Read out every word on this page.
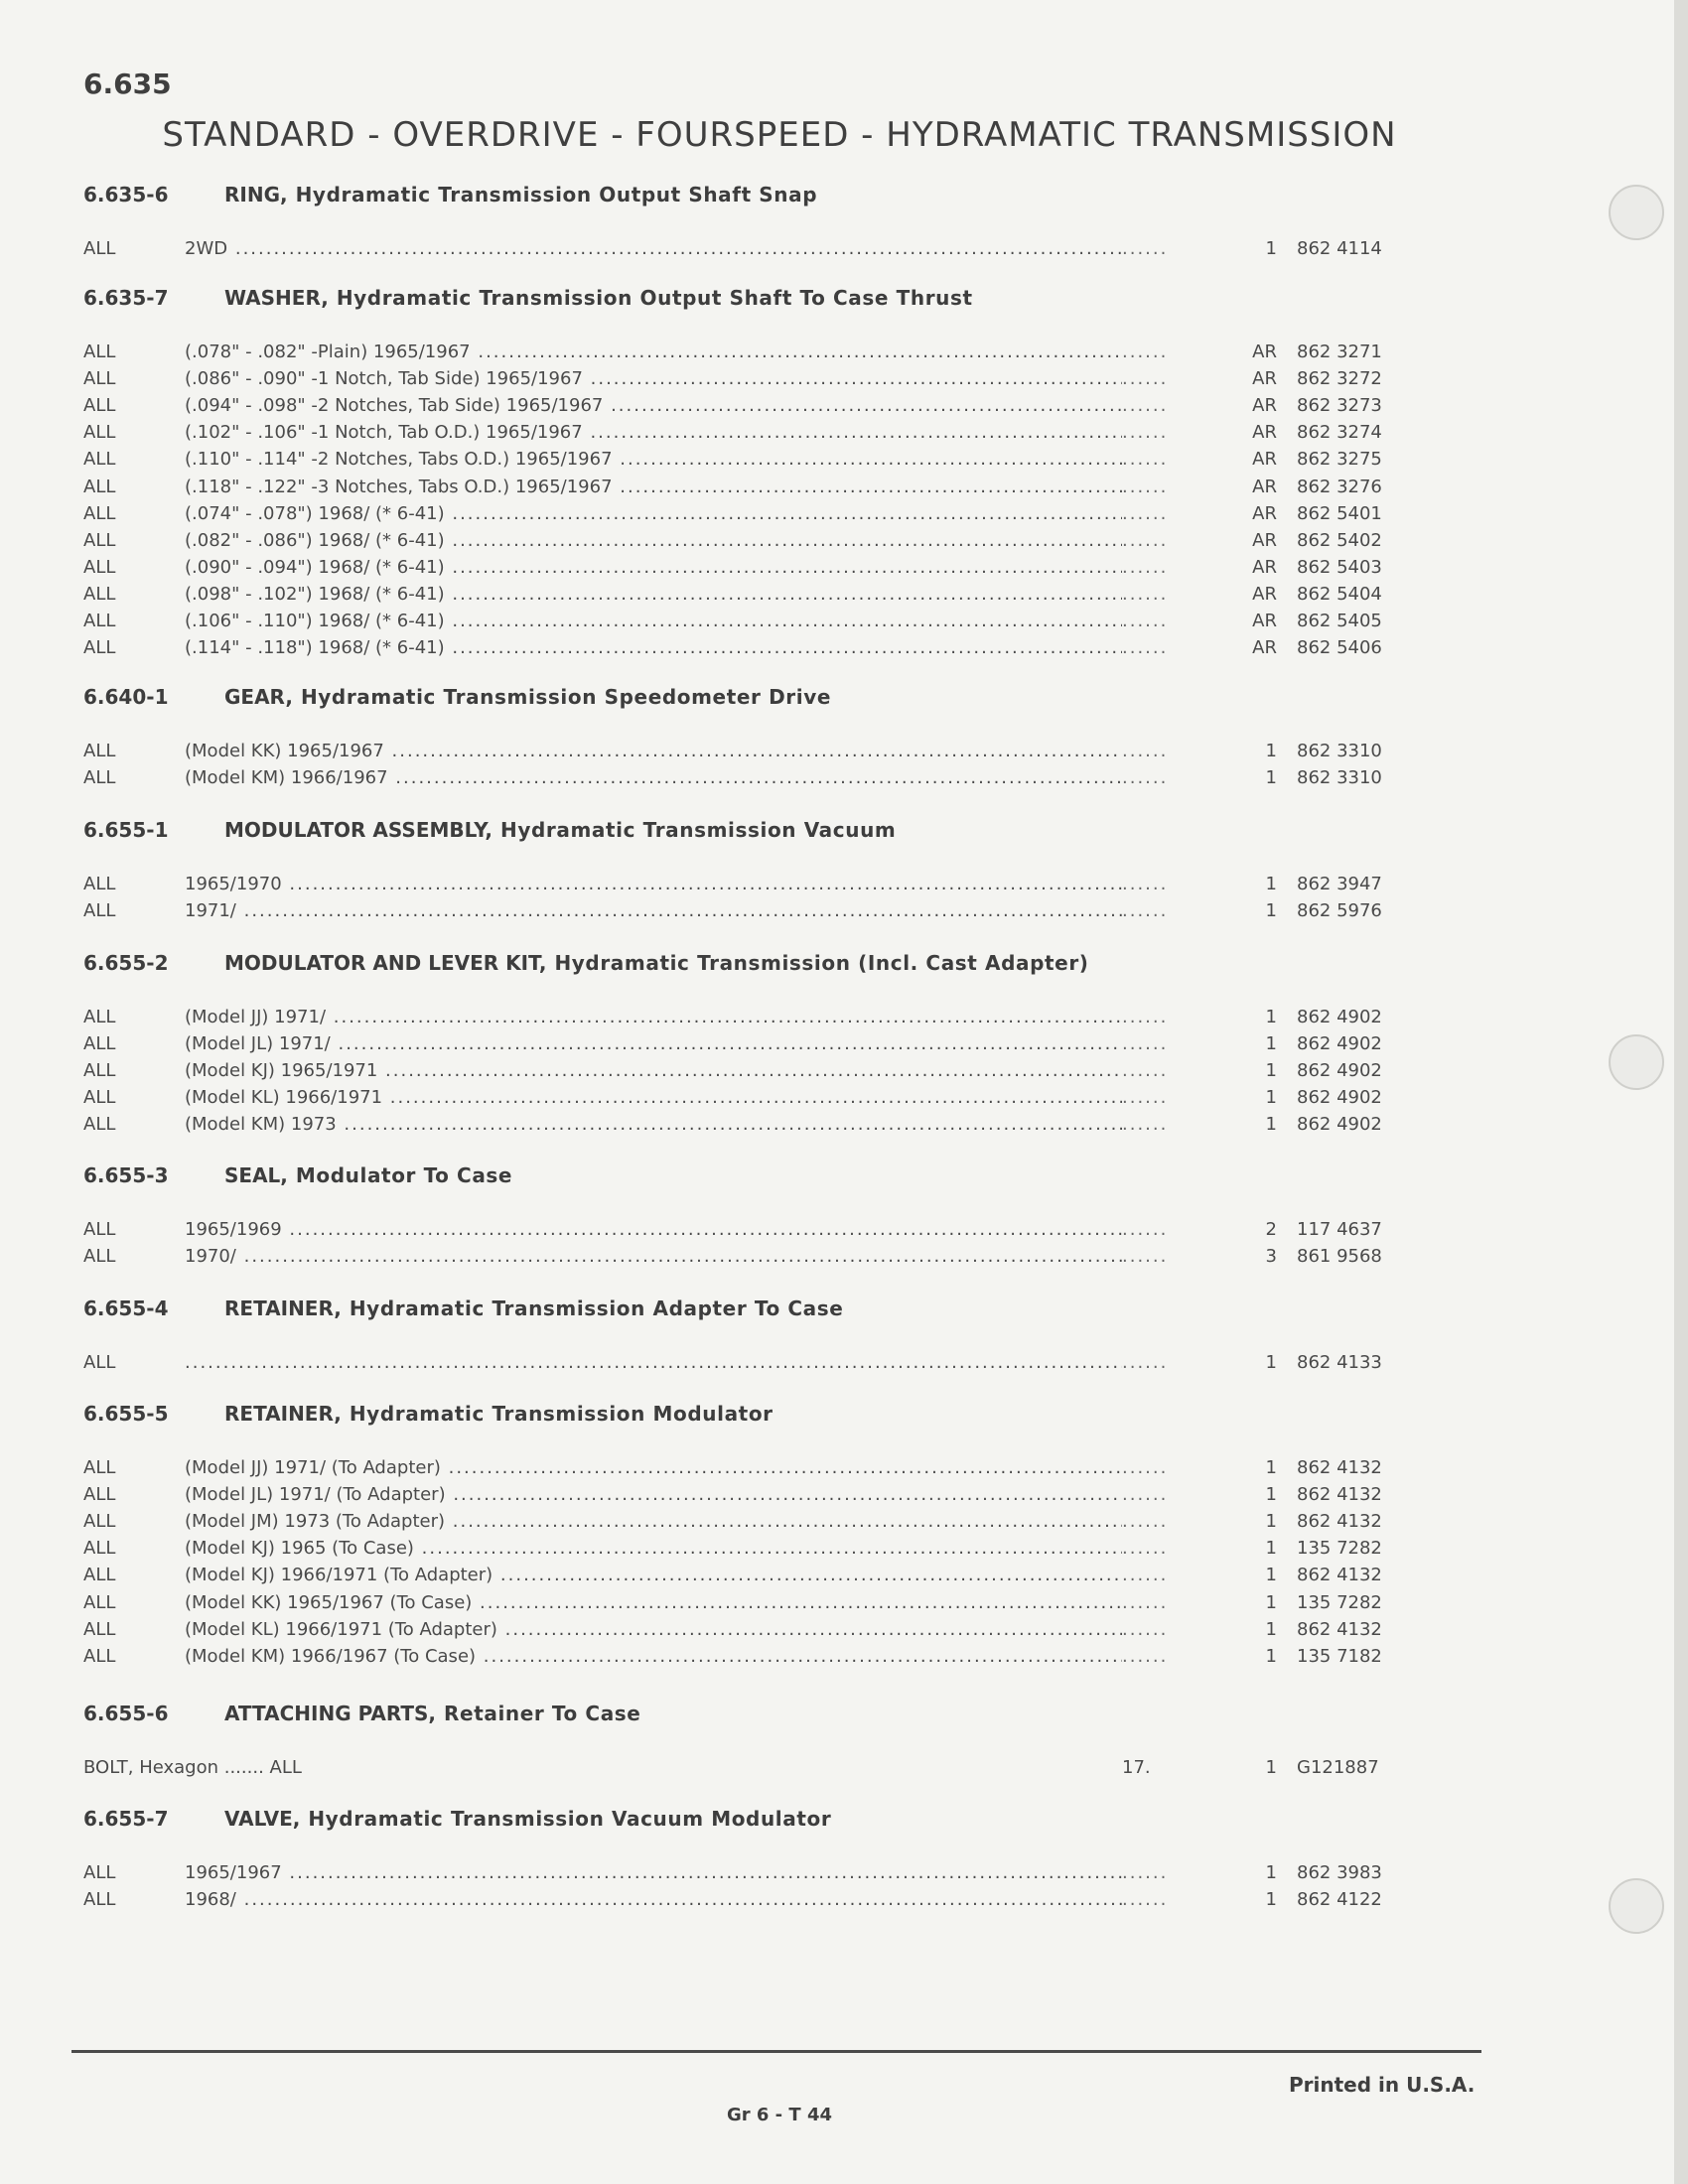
6.635
STANDARD - OVERDRIVE - FOURSPEED - HYDRAMATIC TRANSMISSION
6.635-6	RING, Hydramatic Transmission Output Shaft Snap
ALL	2WD .....	......	1 862 4114
6.635-7	WASHER, Hydramatic Transmission Output Shaft To Case Thrust
ALL	(.078" - .082" -Plain) 1965/1967 .....	......	AR 862 3271
ALL	(.086" - .090" -1 Notch, Tab Side) 1965/1967 .....	......	AR 862 3272
ALL	(.094" - .098" -2 Notches, Tab Side) 1965/1967 .....	......	AR 862 3273
ALL	(.102" - .106" -1 Notch, Tab O.D.) 1965/1967 .....	......	AR 862 3274
ALL	(.110" - .114" -2 Notches, Tabs O.D.) 1965/1967 .....	......	AR 862 3275
ALL	(.118" - .122" -3 Notches, Tabs O.D.) 1965/1967 .....	......	AR 862 3276
ALL	(.074" - .078") 1968/ (* 6-41) .....	......	AR 862 5401
ALL	(.082" - .086") 1968/ (* 6-41) .....	......	AR 862 5402
ALL	(.090" - .094") 1968/ (* 6-41) .....	......	AR 862 5403
ALL	(.098" - .102") 1968/ (* 6-41) .....	......	AR 862 5404
ALL	(.106" - .110") 1968/ (* 6-41) .....	......	AR 862 5405
ALL	(.114" - .118") 1968/ (* 6-41) .....	......	AR 862 5406
6.640-1	GEAR, Hydramatic Transmission Speedometer Drive
ALL	(Model KK) 1965/1967 .....	......	1 862 3310
ALL	(Model KM) 1966/1967 .....	......	1 862 3310
6.655-1	MODULATOR ASSEMBLY, Hydramatic Transmission Vacuum
ALL	1965/1970 .....	......	1 862 3947
ALL	1971/ .....	......	1 862 5976
6.655-2	MODULATOR AND LEVER KIT, Hydramatic Transmission (Incl. Cast Adapter)
ALL	(Model JJ) 1971/ .....	......	1 862 4902
ALL	(Model JL) 1971/ .....	......	1 862 4902
ALL	(Model KJ) 1965/1971 .....	......	1 862 4902
ALL	(Model KL) 1966/1971 .....	......	1 862 4902
ALL	(Model KM) 1973 .....	......	1 862 4902
6.655-3	SEAL, Modulator To Case
ALL	1965/1969 .....	......	2 117 4637
ALL	1970/ .....	......	3 861 9568
6.655-4	RETAINER, Hydramatic Transmission Adapter To Case
ALL
.....	......	1 862 4133
6.655-5	RETAINER, Hydramatic Transmission Modulator
ALL	(Model JJ) 1971/ (To Adapter) .....	......	1 862 4132
ALL	(Model JL) 1971/ (To Adapter) .....	......	1 862 4132
ALL	(Model JM) 1973 (To Adapter) .....	......	1 862 4132
ALL	(Model KJ) 1965 (To Case) .....	......	1 135 7282
ALL	(Model KJ) 1966/1971 (To Adapter) .....	......	1 862 4132
ALL	(Model KK) 1965/1967 (To Case) .....	......	1 135 7282
ALL	(Model KL) 1966/1971 (To Adapter) .....	......	1 862 4132
ALL	(Model KM) 1966/1967 (To Case) .....	......	1 135 7182
6.655-6	ATTACHING PARTS, Retainer To Case
BOLT, Hexagon ....... ALL	17.	1 G121887
6.655-7	VALVE, Hydramatic Transmission Vacuum Modulator
ALL	1965/1967 .....	......	1 862 3983
ALL	1968/ .....	......	1 862 4122
Printed in U.S.A.
Gr 6 - T 44
